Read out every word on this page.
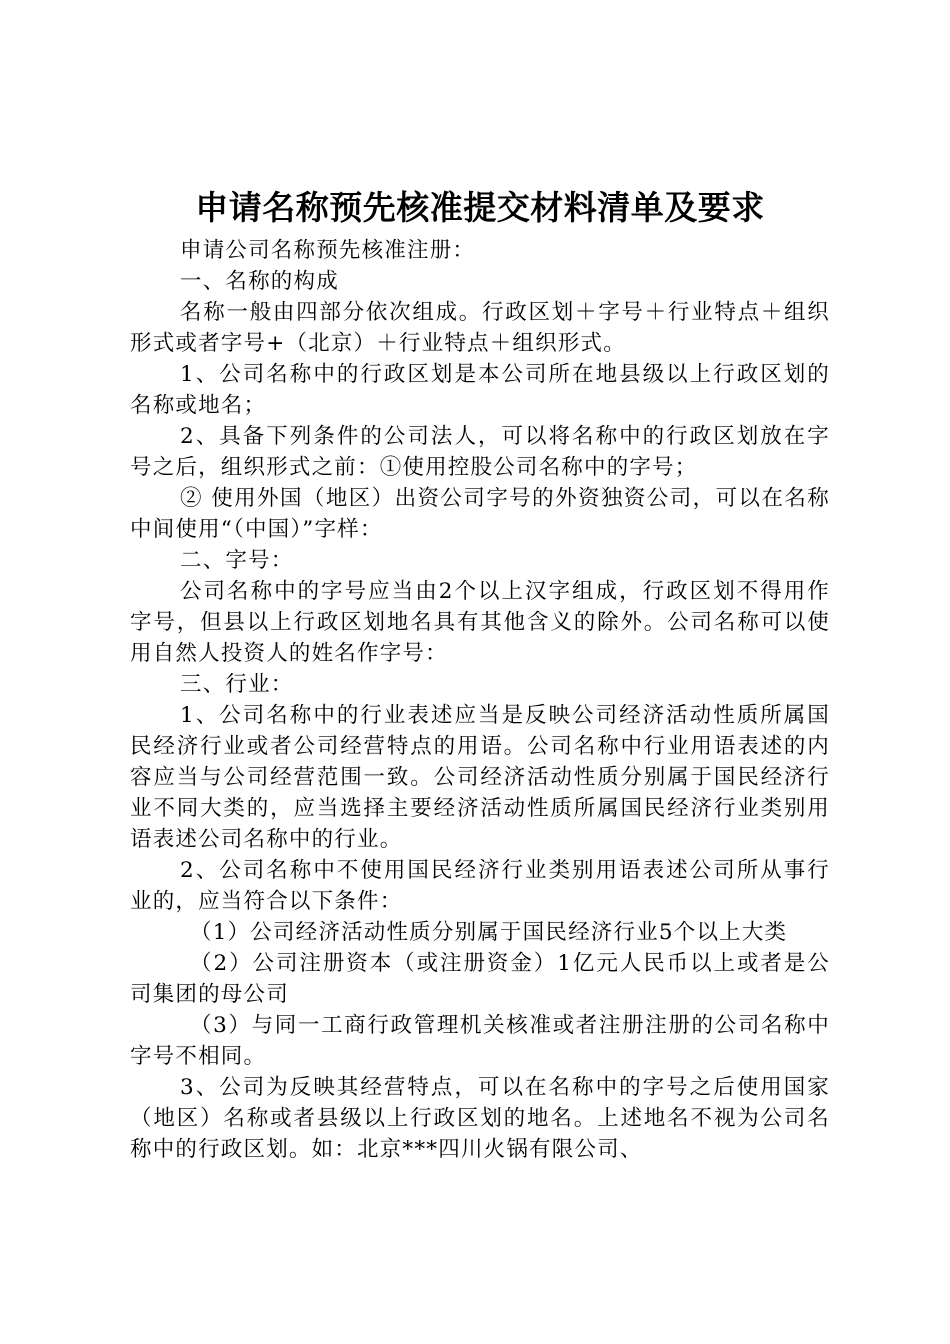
申请名称预先核准提交材料清单及要求

申请公司名称预先核准注册：

一、名称的构成

名称一般由四部分依次组成。行政区划＋字号＋行业特点＋组织形式或者字号+（北京）＋行业特点＋组织形式。

1、公司名称中的行政区划是本公司所在地县级以上行政区划的名称或地名；

2、具备下列条件的公司法人，可以将名称中的行政区划放在字号之后，组织形式之前：①使用控股公司名称中的字号；

② 使用外国（地区）出资公司字号的外资独资公司，可以在名称中间使用“（中国）”字样：

二、字号：

公司名称中的字号应当由2个以上汉字组成，行政区划不得用作字号，但县以上行政区划地名具有其他含义的除外。公司名称可以使用自然人投资人的姓名作字号：

三、行业：

1、公司名称中的行业表述应当是反映公司经济活动性质所属国民经济行业或者公司经营特点的用语。公司名称中行业用语表述的内容应当与公司经营范围一致。公司经济活动性质分别属于国民经济行业不同大类的，应当选择主要经济活动性质所属国民经济行业类别用语表述公司名称中的行业。

2、公司名称中不使用国民经济行业类别用语表述公司所从事行业的，应当符合以下条件：

（1）公司经济活动性质分别属于国民经济行业5个以上大类

（2）公司注册资本（或注册资金）1亿元人民币以上或者是公司集团的母公司

（3）与同一工商行政管理机关核准或者注册注册的公司名称中字号不相同。

3、公司为反映其经营特点，可以在名称中的字号之后使用国家（地区）名称或者县级以上行政区划的地名。上述地名不视为公司名称中的行政区划。如：北京***四川火锅有限公司、
